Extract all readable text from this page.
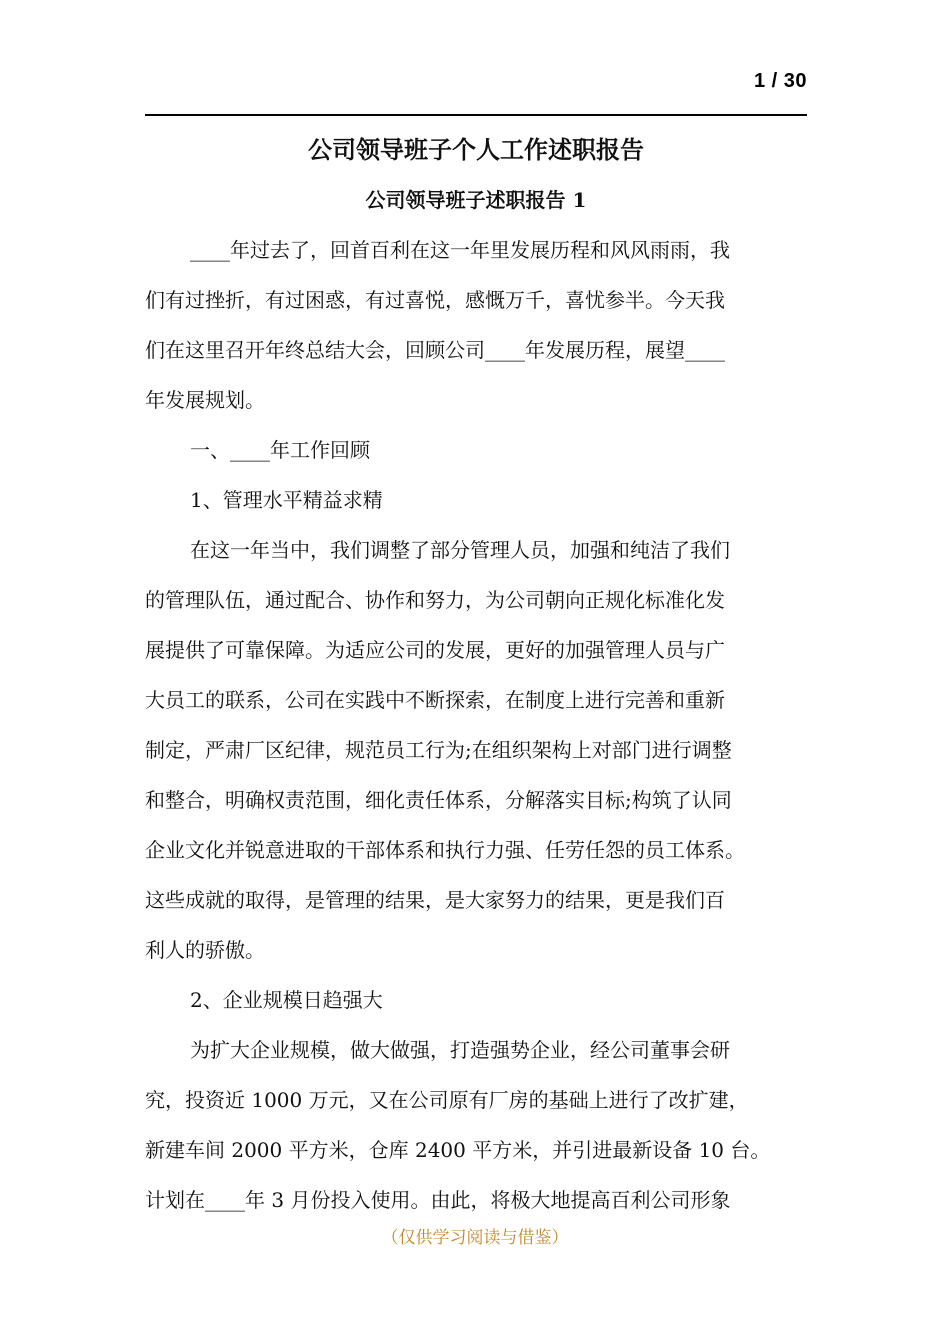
1 / 30
公司领导班子个人工作述职报告
公司领导班子述职报告 1
____年过去了，回首百利在这一年里发展历程和风风雨雨，我
们有过挫折，有过困惑，有过喜悦，感慨万千，喜忧参半。今天我
们在这里召开年终总结大会，回顾公司____年发展历程，展望____
年发展规划。
一、____年工作回顾
1、管理水平精益求精
在这一年当中，我们调整了部分管理人员，加强和纯洁了我们
的管理队伍，通过配合、协作和努力，为公司朝向正规化标准化发
展提供了可靠保障。为适应公司的发展，更好的加强管理人员与广
大员工的联系，公司在实践中不断探索，在制度上进行完善和重新
制定，严肃厂区纪律，规范员工行为;在组织架构上对部门进行调整
和整合，明确权责范围，细化责任体系，分解落实目标;构筑了认同
企业文化并锐意进取的干部体系和执行力强、任劳任怨的员工体系。
这些成就的取得，是管理的结果，是大家努力的结果，更是我们百
利人的骄傲。
2、企业规模日趋强大
为扩大企业规模，做大做强，打造强势企业，经公司董事会研
究，投资近 1000 万元，又在公司原有厂房的基础上进行了改扩建，
新建车间 2000 平方米，仓库 2400 平方米，并引进最新设备 10 台。
计划在____年 3 月份投入使用。由此，将极大地提高百利公司形象
（仅供学习阅读与借鉴）
